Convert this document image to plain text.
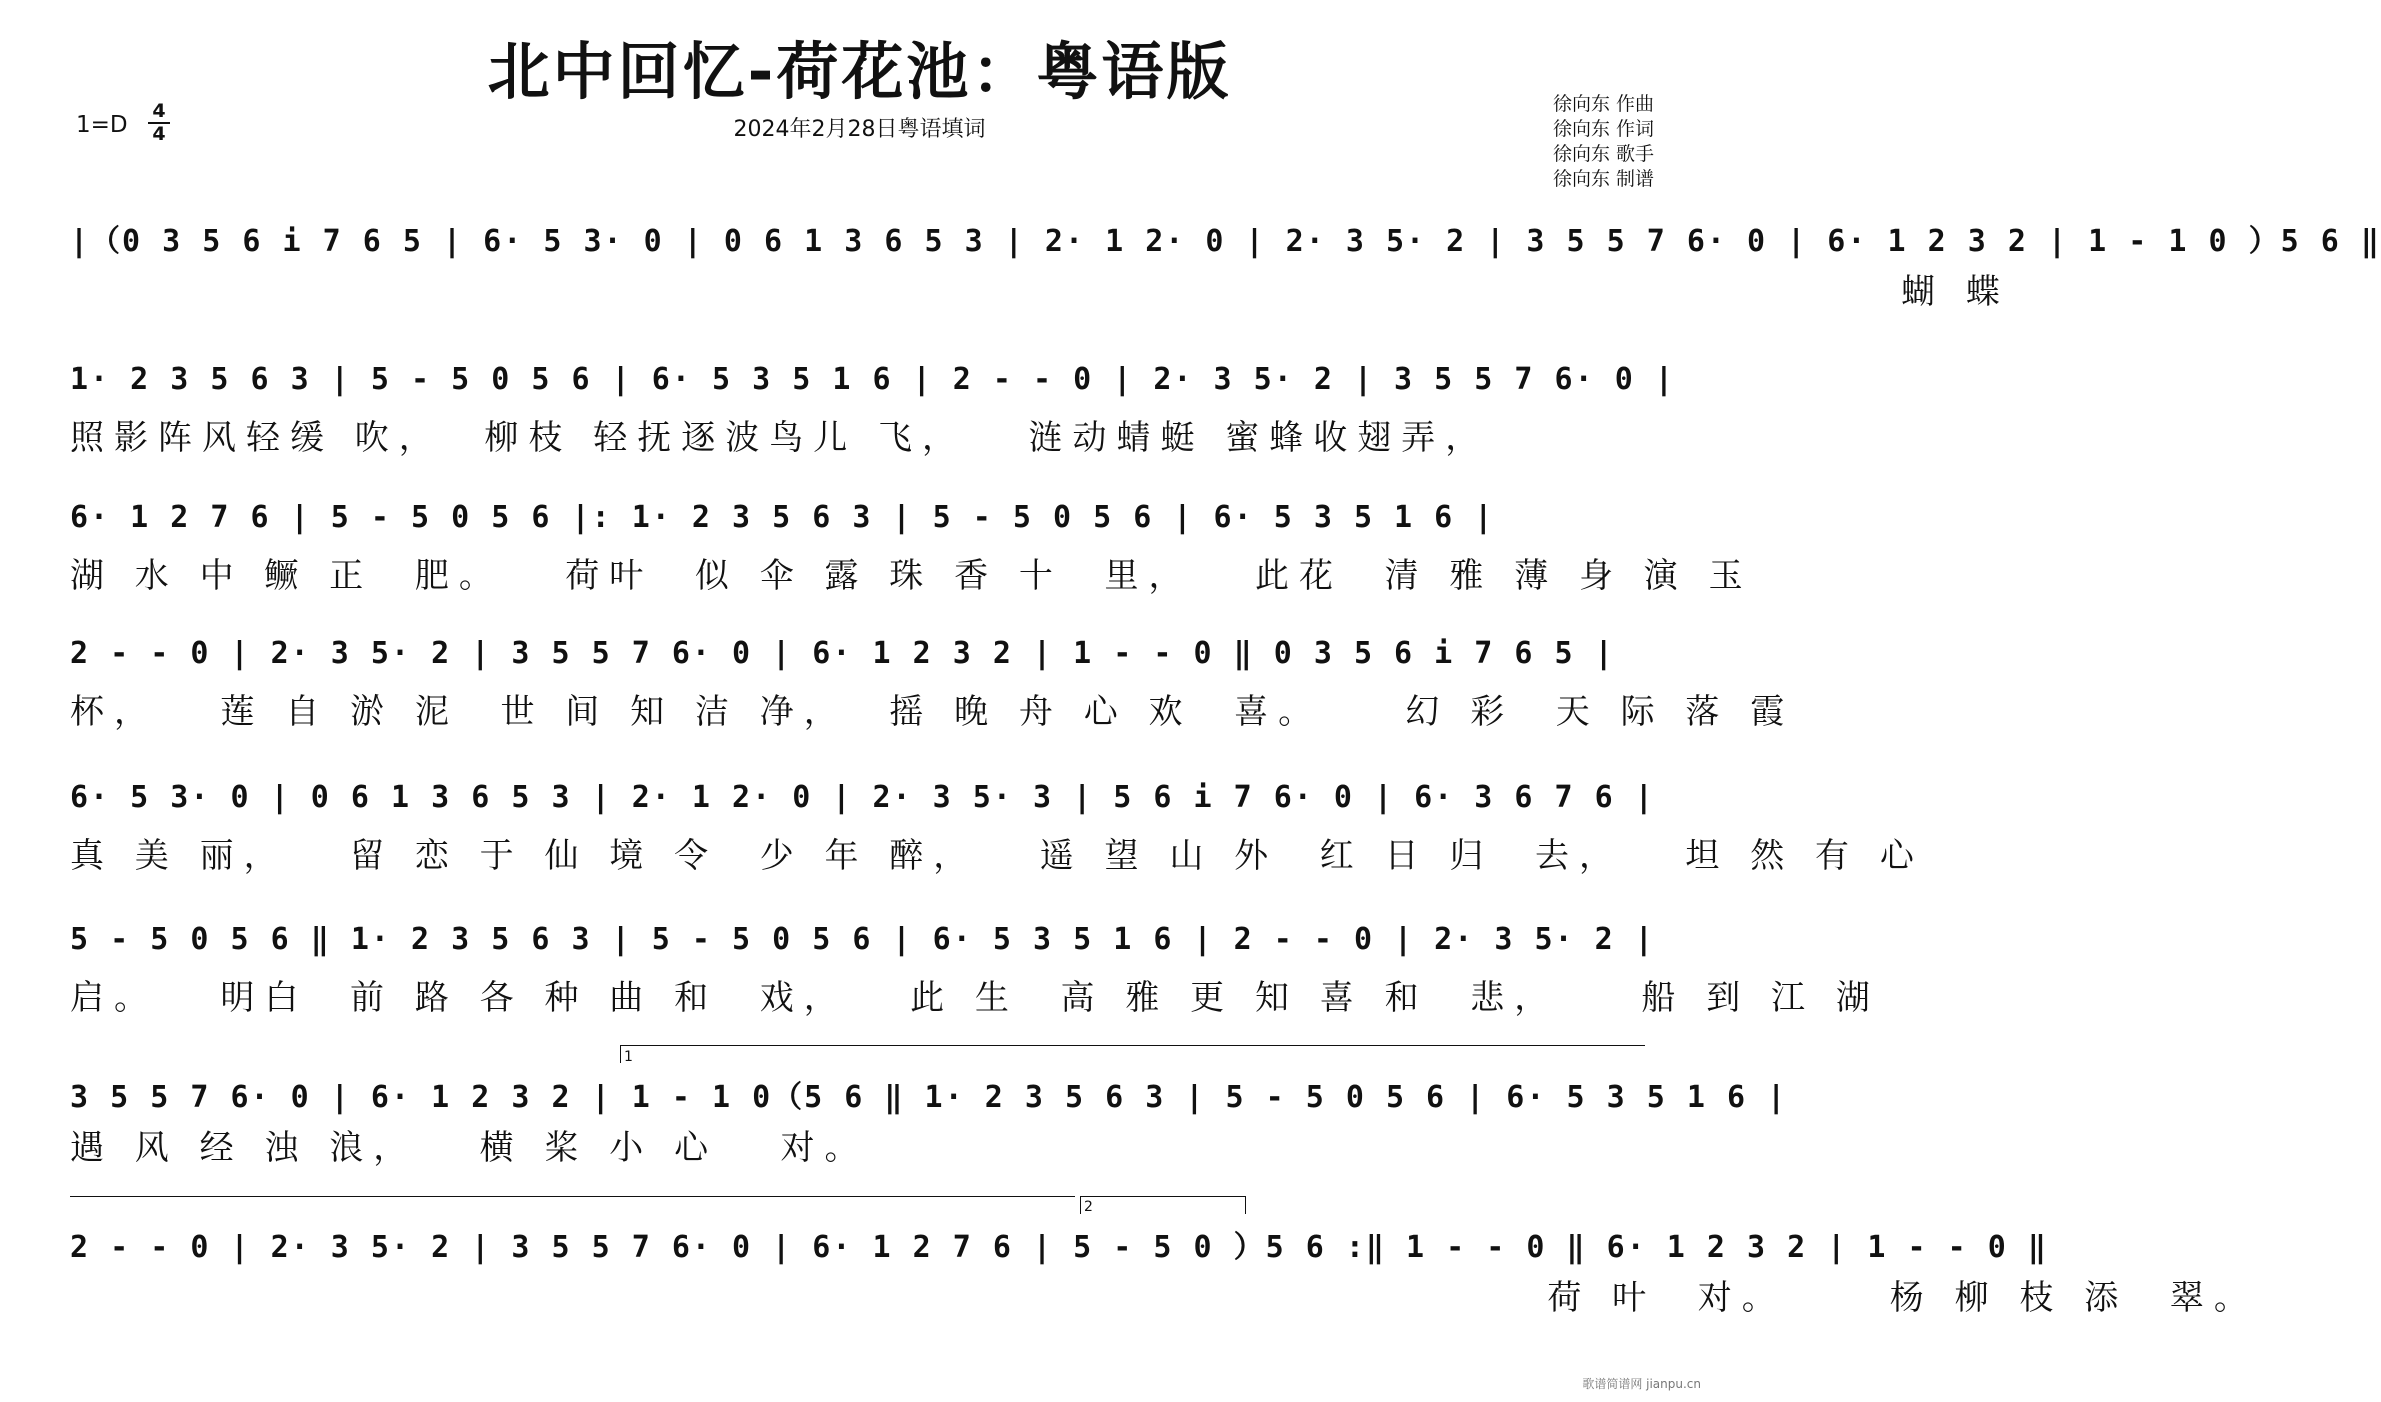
北中回忆-荷花池：粤语版
2024年2月28日粤语填词
$1=D \frac{4}{4}$	徐向东 作曲
徐向东 作词
徐向东 歌手
徐向东 制谱
|（0 3 5 6 i 7 6 5 | 6· 5 3· 0 | 0 6 1 3 6 5 3 | 2· 1 2· 0 | 2· 3 5· 2 | 3 5 5 7 6· 0 | 6· 1 2 3 2 | 1 - 1 0 ）5 6 ‖
蝴 蝶
1· 2 3 5 6 3 | 5 - 5 0 5 6 | 6· 5 3 5 1 6 | 2 - - 0 | 2· 3 5· 2 | 3 5 5 7 6· 0 |
照影阵风轻缓 吹，  柳枝 轻抚逐波鸟儿 飞，   涟动蜻蜓 蜜蜂收翅弄，
6· 1 2 7 6 | 5 - 5 0 5 6 |: 1· 2 3 5 6 3 | 5 - 5 0 5 6 | 6· 5 3 5 1 6 |
湖 水 中 鳜 正  肥。   荷叶  似 伞 露 珠 香 十  里，   此花  清 雅 薄 身 演 玉
2 - - 0 | 2· 3 5· 2 | 3 5 5 7 6· 0 | 6· 1 2 3 2 | 1 - - 0 ‖ 0 3 5 6 i 7 6 5 |
杯，   莲 自 淤 泥  世 间 知 洁 净，  摇 晚 舟 心 欢  喜。    幻 彩  天 际 落 霞
6· 5 3· 0 | 0 6 1 3 6 5 3 | 2· 1 2· 0 | 2· 3 5· 3 | 5 6 i 7 6· 0 | 6· 3 6 7 6 |
真 美 丽，   留 恋 于 仙 境 令  少 年 醉，   遥 望 山 外  红 日 归  去，   坦 然 有 心
5 - 5 0 5 6 ‖ 1· 2 3 5 6 3 | 5 - 5 0 5 6 | 6· 5 3 5 1 6 | 2 - - 0 | 2· 3 5· 2 |
启。   明白  前 路 各 种 曲 和  戏，   此 生  高 雅 更 知 喜 和  悲，    船 到 江 湖
3 5 5 7 6· 0 | 6· 1 2 3 2 | 1 - 1 0（5 6 ‖ 1· 2 3 5 6 3 | 5 - 5 0 5 6 | 6· 5 3 5 1 6 |
遇 风 经 浊 浪，   横 桨 小 心   对。
2 - - 0 | 2· 3 5· 2 | 3 5 5 7 6· 0 | 6· 1 2 7 6 | 5 - 5 0 ）5 6 :‖ 1 - - 0 ‖ 6· 1 2 3 2 | 1 - - 0 ‖
荷 叶  对。     杨 柳 枝 添  翠。
1
2
歌谱简谱网 jianpu.cn
